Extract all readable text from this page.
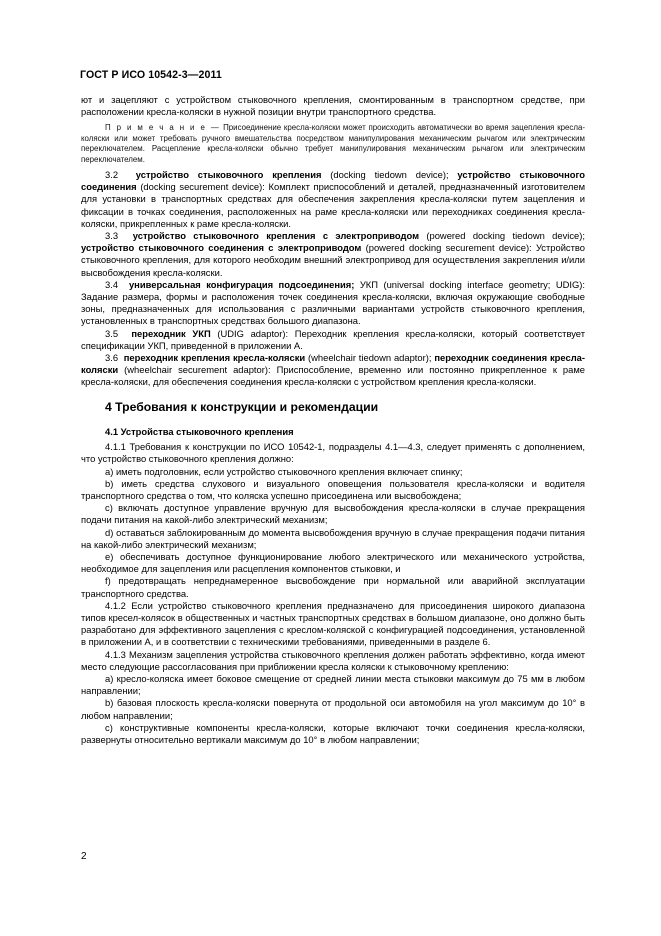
ГОСТ Р ИСО 10542-3—2011

ют и зацепляют с устройством стыковочного крепления, смонтированным в транспортном средстве, при расположении кресла-коляски в нужной позиции внутри транспортного средства.

П р и м е ч а н и е — Присоединение кресла-коляски может происходить автоматически во время зацепления кресла-коляски или может требовать ручного вмешательства посредством манипулирования механическим рычагом или электрическим переключателем. Расцепление кресла-коляски обычно требует манипулирования механическим рычагом или электрическим переключателем.

3.2 устройство стыковочного крепления (docking tiedown device); устройство стыковочного соединения (docking securement device): Комплект приспособлений и деталей, предназначенный изготовителем для установки в транспортных средствах для обеспечения закрепления кресла-коляски путем зацепления и фиксации в точках соединения, расположенных на раме кресла-коляски или переходниках соединения кресла-коляски, прикрепленных к раме кресла-коляски.

3.3 устройство стыковочного крепления с электроприводом (powered docking tiedown device); устройство стыковочного соединения с электроприводом (powered docking securement device): Устройство стыковочного крепления, для которого необходим внешний электропривод для осуществления закрепления и/или высвобождения кресла-коляски.

3.4 универсальная конфигурация подсоединения; УКП (universal docking interface geometry; UDIG): Задание размера, формы и расположения точек соединения кресла-коляски, включая окружающие свободные зоны, предназначенных для использования с различными вариантами устройств стыковочного крепления, установленных в транспортных средствах большого диапазона.

3.5 переходник УКП (UDIG adaptor): Переходник крепления кресла-коляски, который соответствует спецификации УКП, приведенной в приложении А.

3.6 переходник крепления кресла-коляски (wheelchair tiedown adaptor); переходник соединения кресла-коляски (wheelchair securement adaptor): Приспособление, временно или постоянно прикрепленное к раме кресла-коляски, для обеспечения соединения кресла-коляски с устройством крепления кресла-коляски.

4 Требования к конструкции и рекомендации

4.1 Устройства стыковочного крепления

4.1.1 Требования к конструкции по ИСО 10542-1, подразделы 4.1—4.3, следует применять с дополнением, что устройство стыковочного крепления должно:

а) иметь подголовник, если устройство стыковочного крепления включает спинку;

b) иметь средства слухового и визуального оповещения пользователя кресла-коляски и водителя транспортного средства о том, что коляска успешно присоединена или высвобождена;

с) включать доступное управление вручную для высвобождения кресла-коляски в случае прекращения подачи питания на какой-либо электрический механизм;

d) оставаться заблокированным до момента высвобождения вручную в случае прекращения подачи питания на какой-либо электрический механизм;

е) обеспечивать доступное функционирование любого электрического или механического устройства, необходимое для зацепления или расцепления компонентов стыковки, и

f) предотвращать непреднамеренное высвобождение при нормальной или аварийной эксплуатации транспортного средства.

4.1.2 Если устройство стыковочного крепления предназначено для присоединения широкого диапазона типов кресел-колясок в общественных и частных транспортных средствах в большом диапазоне, оно должно быть разработано для эффективного зацепления с креслом-коляской с конфигурацией подсоединения, установленной в приложении А, и в соответствии с техническими требованиями, приведенными в разделе 6.

4.1.3 Механизм зацепления устройства стыковочного крепления должен работать эффективно, когда имеют место следующие рассогласования при приближении кресла коляски к стыковочному креплению:

а) кресло-коляска имеет боковое смещение от средней линии места стыковки максимум до 75 мм в любом направлении;

b) базовая плоскость кресла-коляски повернута от продольной оси автомобиля на угол максимум до 10° в любом направлении;

с) конструктивные компоненты кресла-коляски, которые включают точки соединения кресла-коляски, развернуты относительно вертикали максимум до 10° в любом направлении;

2
